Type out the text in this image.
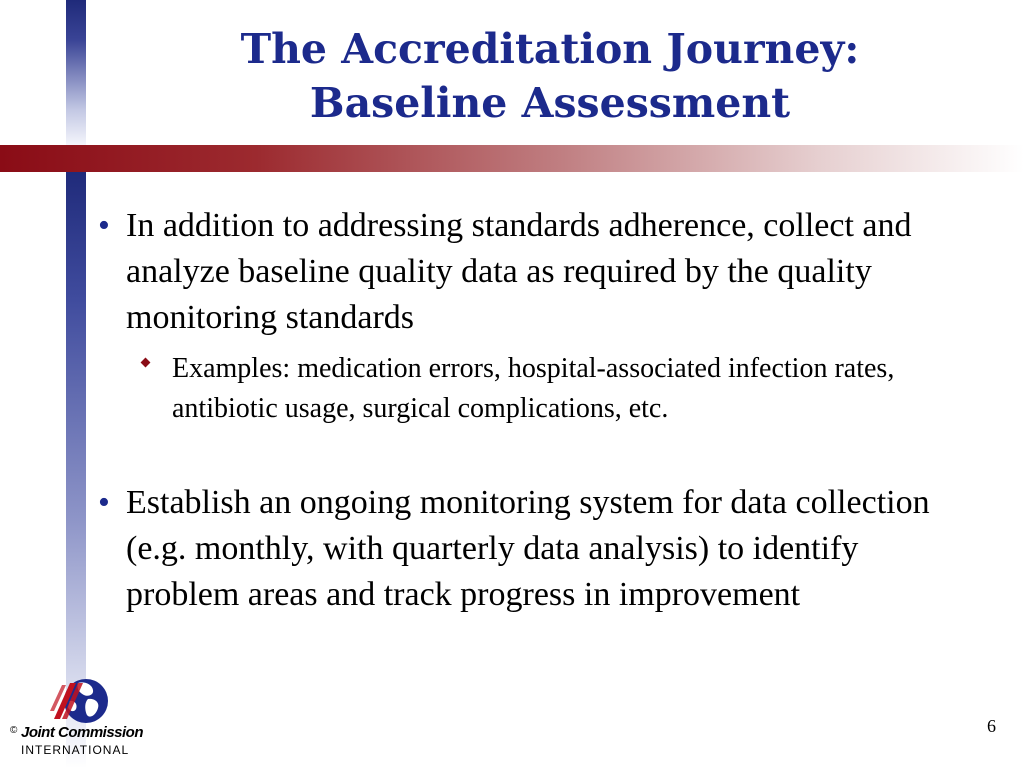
The Accreditation Journey:
Baseline Assessment
• In addition to addressing standards adherence, collect and analyze baseline quality data as required by the quality monitoring standards
Examples: medication errors, hospital-associated infection rates, antibiotic usage, surgical complications, etc.
• Establish an ongoing monitoring system for data collection (e.g. monthly, with quarterly data analysis) to identify problem areas and track progress in improvement
© Joint Commission
INTERNATIONAL
6
